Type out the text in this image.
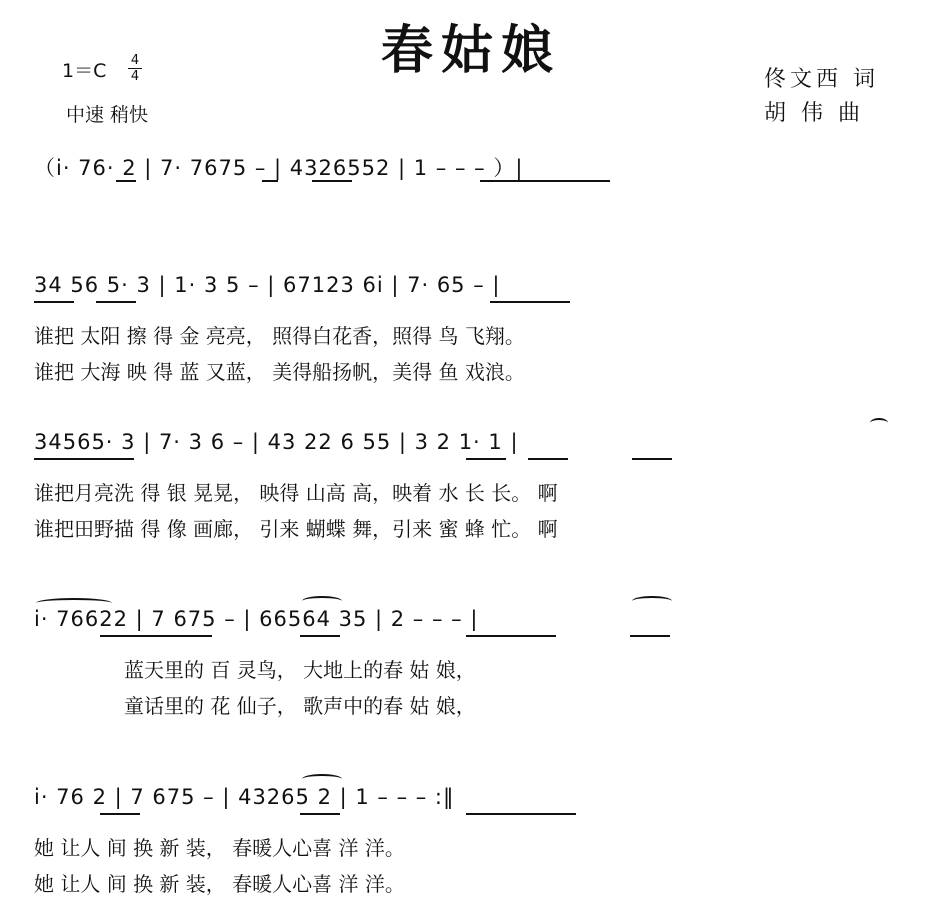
春姑娘
1＝C 4
4
中速 稍快
佟文西 词
胡 伟 曲
（i· 76· 2 | 7· 7675 – | 4326552 | 1 – – – ）|
34 56 5· 3 | 1· 3 5 – | 67123 6i | 7· 65 – |
谁把 太阳 擦 得 金 亮亮， 照得白花香，照得 鸟 飞翔。
谁把 大海 映 得 蓝 又蓝， 美得船扬帆，美得 鱼 戏浪。
34565· 3 | 7· 3 6 – | 43 22 6 55 | 3 2 1· 1 |
谁把月亮洗 得 银 晃晃， 映得 山高 高，映着 水 长 长。 啊
谁把田野描 得 像 画廊， 引来 蝴蝶 舞，引来 蜜 蜂 忙。 啊
i· 76622 | 7 675 – | 66564 35 | 2 – – – |
蓝天里的 百 灵鸟， 大地上的春 姑 娘，
童话里的 花 仙子， 歌声中的春 姑 娘，
i· 76 2 | 7 675 – | 43265 2 | 1 – – – :‖
她 让人 间 换 新 装， 春暖人心喜 洋 洋。
她 让人 间 换 新 装， 春暖人心喜 洋 洋。
